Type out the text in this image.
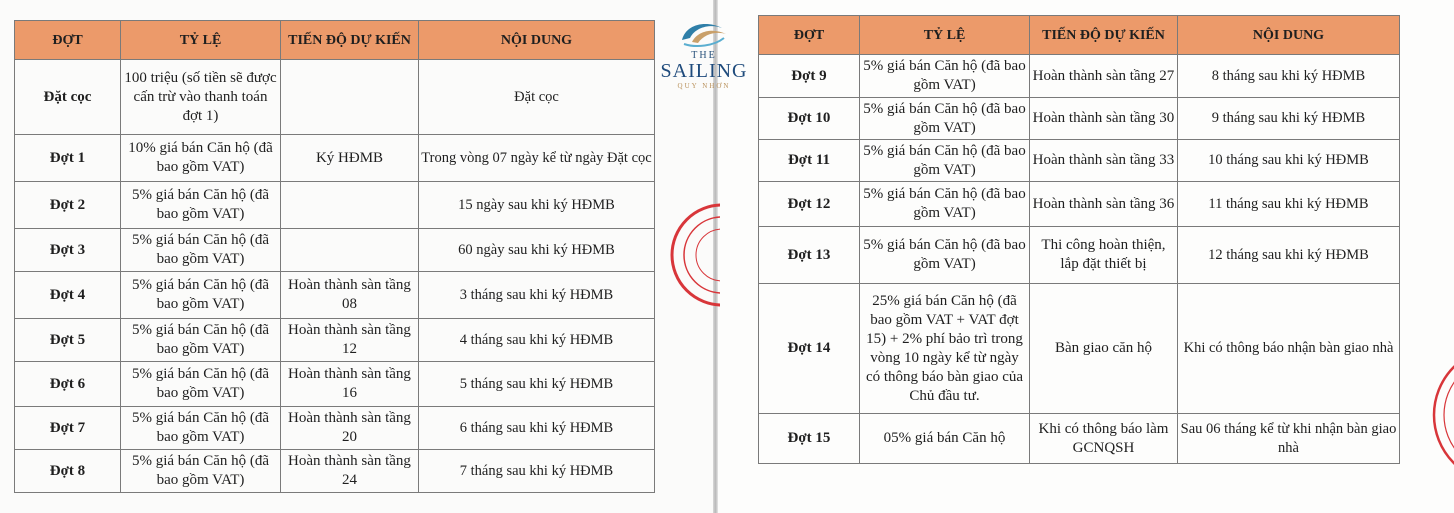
ĐỢT	TỶ LỆ	TIẾN ĐỘ DỰ KIẾN	NỘI DUNG
Đặt cọc	100 triệu (số tiền sẽ được cấn trừ vào thanh toán đợt 1)		Đặt cọc
Đợt 1	10% giá bán Căn hộ (đã bao gồm VAT)	Ký HĐMB	Trong vòng 07 ngày kể từ ngày Đặt cọc
Đợt 2	5% giá bán Căn hộ (đã bao gồm VAT)		15 ngày sau khi ký HĐMB
Đợt 3	5% giá bán Căn hộ (đã bao gồm VAT)		60 ngày sau khi ký HĐMB
Đợt 4	5% giá bán Căn hộ (đã bao gồm VAT)	Hoàn thành sàn tầng 08	3 tháng sau khi ký HĐMB
Đợt 5	5% giá bán Căn hộ (đã bao gồm VAT)	Hoàn thành sàn tầng 12	4 tháng sau khi ký HĐMB
Đợt 6	5% giá bán Căn hộ (đã bao gồm VAT)	Hoàn thành sàn tầng 16	5 tháng sau khi ký HĐMB
Đợt 7	5% giá bán Căn hộ (đã bao gồm VAT)	Hoàn thành sàn tầng 20	6 tháng sau khi ký HĐMB
Đợt 8	5% giá bán Căn hộ (đã bao gồm VAT)	Hoàn thành sàn tầng 24	7 tháng sau khi ký HĐMB
THE
SAILING
QUY NHƠN
ĐỢT	TỶ LỆ	TIẾN ĐỘ DỰ KIẾN	NỘI DUNG
Đợt 9	5% giá bán Căn hộ (đã bao gồm VAT)	Hoàn thành sàn tầng 27	8 tháng sau khi ký HĐMB
Đợt 10	5% giá bán Căn hộ (đã bao gồm VAT)	Hoàn thành sàn tầng 30	9 tháng sau khi ký HĐMB
Đợt 11	5% giá bán Căn hộ (đã bao gồm VAT)	Hoàn thành sàn tầng 33	10 tháng sau khi ký HĐMB
Đợt 12	5% giá bán Căn hộ (đã bao gồm VAT)	Hoàn thành sàn tầng 36	11 tháng sau khi ký HĐMB
Đợt 13	5% giá bán Căn hộ (đã bao gồm VAT)	Thi công hoàn thiện, lắp đặt thiết bị	12 tháng sau khi ký HĐMB
Đợt 14	25% giá bán Căn hộ (đã bao gồm VAT + VAT đợt 15) + 2% phí bảo trì trong vòng 10 ngày kể từ ngày có thông báo bàn giao của Chủ đầu tư.	Bàn giao căn hộ	Khi có thông báo nhận bàn giao nhà
Đợt 15	05% giá bán Căn hộ	Khi có thông báo làm GCNQSH	Sau 06 tháng kể từ khi nhận bàn giao nhà
